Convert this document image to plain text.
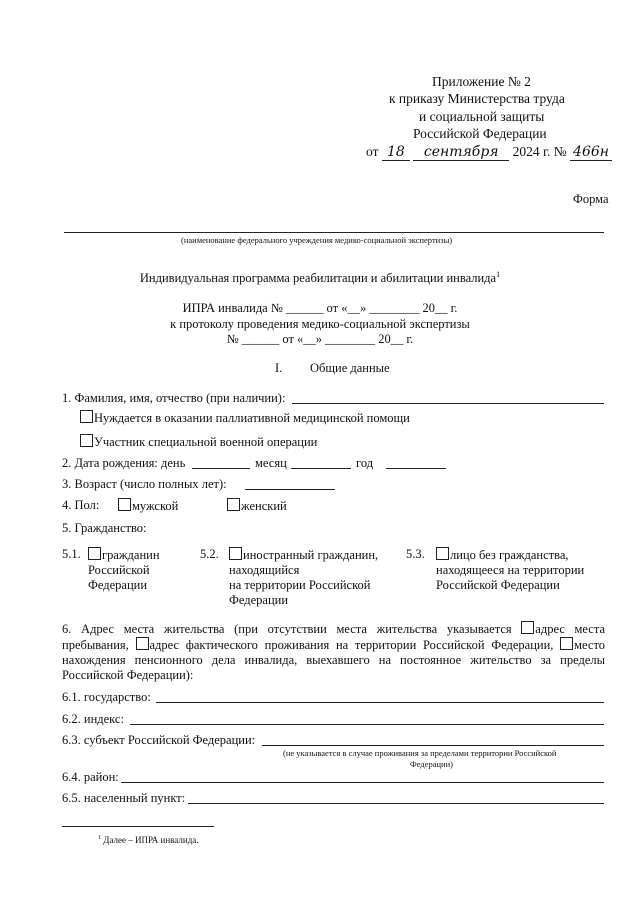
Приложение № 2
к приказу Министерства труда
и социальной защиты
Российской Федерации
от 18 сентября 2024 г. № 466н
Форма
(наименование федерального учреждения медико-социальной экспертизы)
Индивидуальная программа реабилитации и абилитации инвалида$^1$
ИПРА инвалида № ______ от «__» ________ 20__ г.
к протоколу проведения медико-социальной экспертизы
№ ______ от «__» ________ 20__ г.
I. Общие данные
1. Фамилия, имя, отчество (при наличии):
Нуждается в оказании паллиативной медицинской помощи
Участник специальной военной операции
2. Дата рождения: день	месяц	год
3. Возраст (число полных лет):
4. Пол:	мужской	женский
5. Гражданство:
5.1.	гражданин
Российской
Федерации
5.2.	иностранный гражданин,
находящийся
на территории Российской
Федерации
5.3.	лицо без гражданства,
находящееся на территории
Российской Федерации
6. Адрес места жительства (при отсутствии места жительства указывается адрес места пребывания, адрес фактического проживания на территории Российской Федерации, место нахождения пенсионного дела инвалида, выехавшего на постоянное жительство за пределы Российской Федерации):
6.1. государство:
6.2. индекс:
6.3. субъект Российской Федерации:
(не указывается в случае проживания за пределами территории Российской
Федерации)
6.4. район:
6.5. населенный пункт:
$^1$ Далее – ИПРА инвалида.
